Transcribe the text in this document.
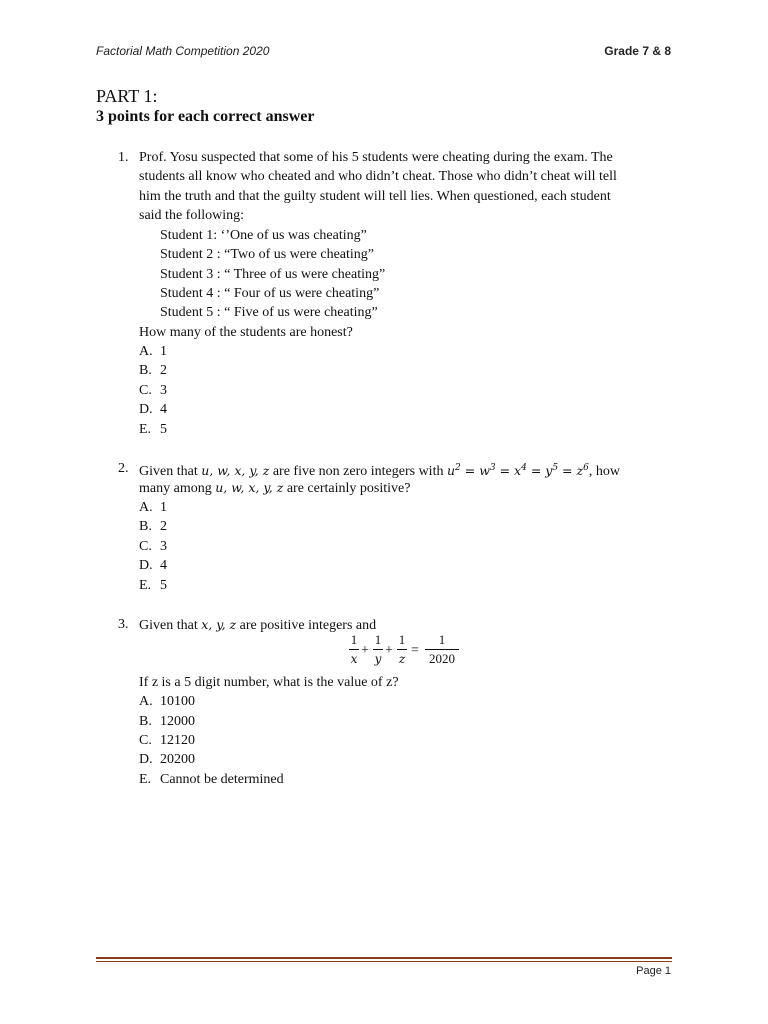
Factorial Math Competition 2020	Grade 7 & 8
PART 1:
3 points for each correct answer
1. Prof. Yosu suspected that some of his 5 students were cheating during the exam. The
students all know who cheated and who didn’t cheat. Those who didn’t cheat will tell
him the truth and that the guilty student will tell lies. When questioned, each student
said the following:
Student 1: ‘’One of us was cheating”
Student 2 : “Two of us were cheating”
Student 3 : “ Three of us were cheating”
Student 4 : “ Four of us were cheating”
Student 5 : “ Five of us were cheating”
How many of the students are honest?
A. 1
B. 2
C. 3
D. 4
E. 5
2. Given that u, w, x, y, z are five non zero integers with $u^2 = w^3 = x^4 = y^5 = z^6$, how
many among u, w, x, y, z are certainly positive?
A. 1
B. 2
C. 3
D. 4
E. 5
3. Given that x, y, z are positive integers and
1
x
+
1
y
+
1
z
=
1
2020
If z is a 5 digit number, what is the value of z?
A. 10100
B. 12000
C. 12120
D. 20200
E. Cannot be determined
Page 1
